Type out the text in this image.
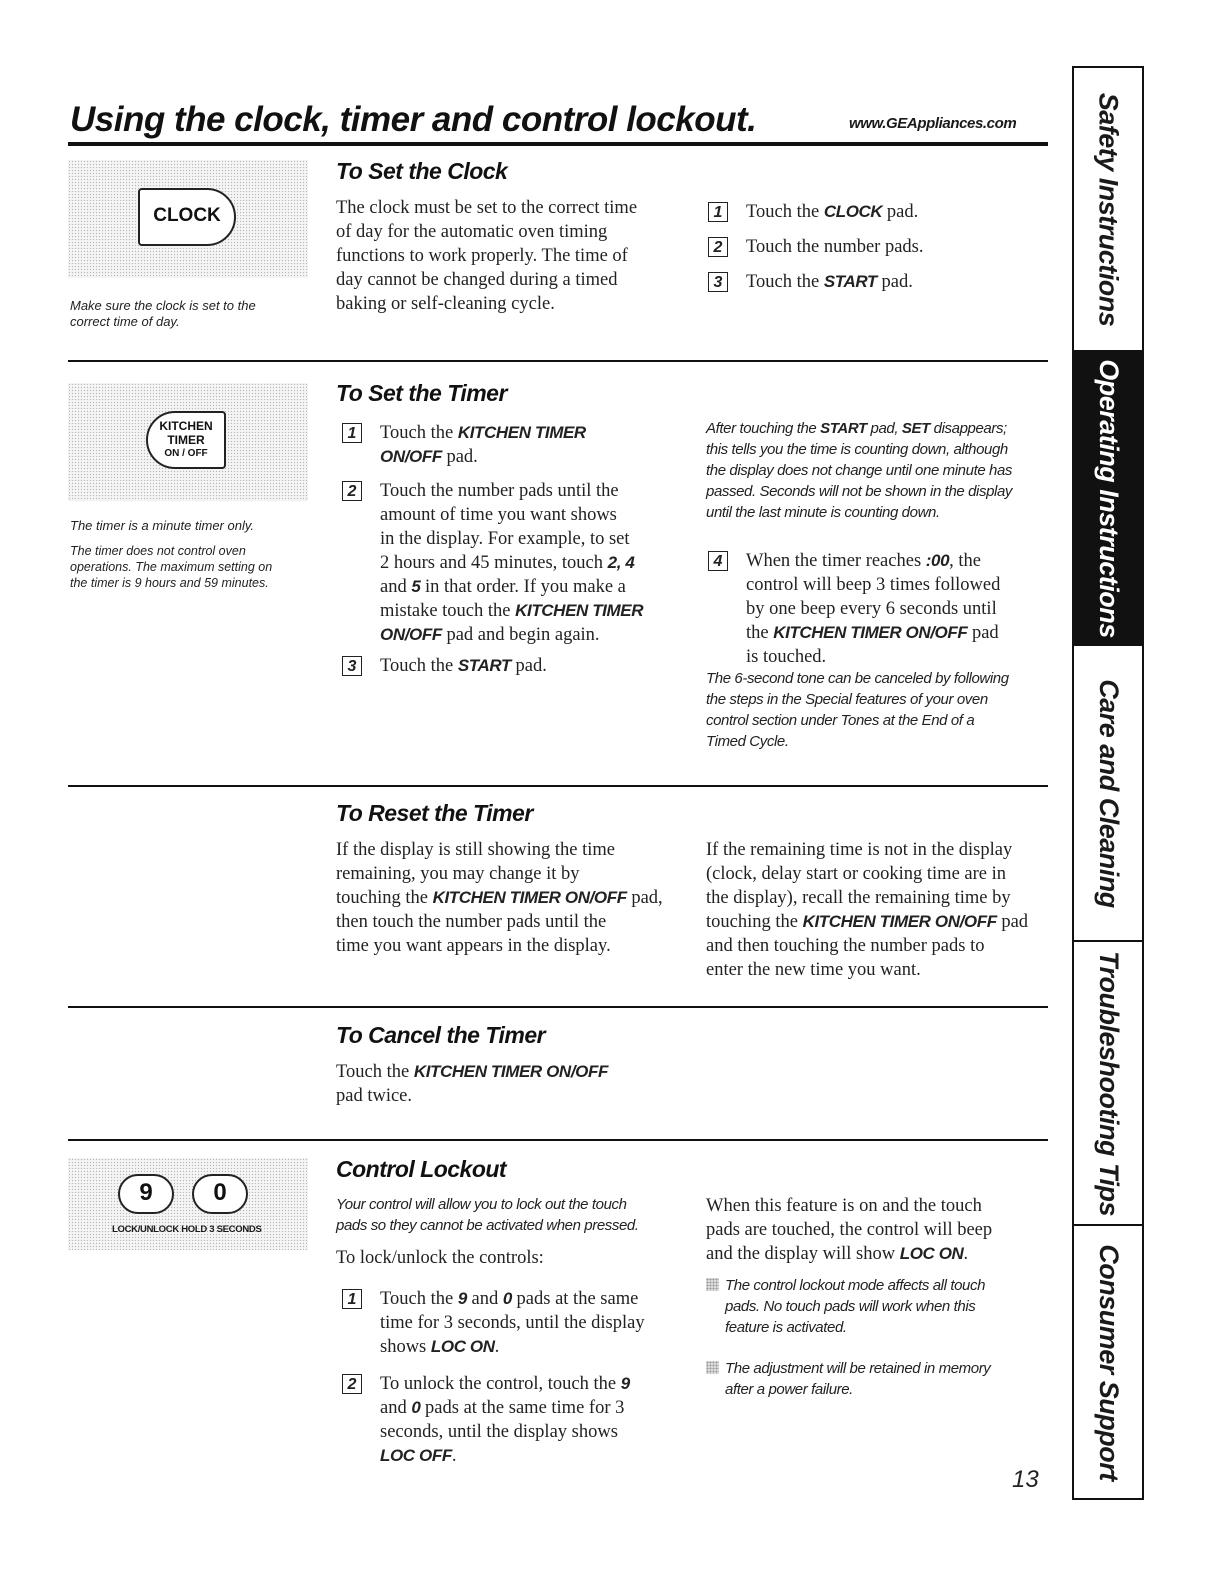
Using the clock, timer and control lockout.	www.GEAppliances.com	Safety Instructions
Operating Instructions
Care and Cleaning
Troubleshooting Tips
Consumer Support
CLOCK
Make sure the clock is set to the
correct time of day.
To Set the Clock
The clock must be set to the correct time
of day for the automatic oven timing
functions to work properly. The time of
day cannot be changed during a timed
baking or self-cleaning cycle.
1 Touch the CLOCK pad.
2 Touch the number pads.
3 Touch the START pad.
KITCHEN
TIMER
ON / OFF
The timer is a minute timer only.
The timer does not control oven
operations. The maximum setting on
the timer is 9 hours and 59 minutes.
To Set the Timer
1 Touch the KITCHEN TIMER
ON/OFF pad.
2 Touch the number pads until the
amount of time you want shows
in the display. For example, to set
2 hours and 45 minutes, touch 2, 4
and 5 in that order. If you make a
mistake touch the KITCHEN TIMER
ON/OFF pad and begin again.
3 Touch the START pad.
After touching the START pad, SET disappears;
this tells you the time is counting down, although
the display does not change until one minute has
passed. Seconds will not be shown in the display
until the last minute is counting down.
4 When the timer reaches :00, the
control will beep 3 times followed
by one beep every 6 seconds until
the KITCHEN TIMER ON/OFF pad
is touched.
The 6-second tone can be canceled by following
the steps in the Special features of your oven
control section under Tones at the End of a
Timed Cycle.
To Reset the Timer
If the display is still showing the time
remaining, you may change it by
touching the KITCHEN TIMER ON/OFF pad,
then touch the number pads until the
time you want appears in the display.
If the remaining time is not in the display
(clock, delay start or cooking time are in
the display), recall the remaining time by
touching the KITCHEN TIMER ON/OFF pad
and then touching the number pads to
enter the new time you want.
To Cancel the Timer
Touch the KITCHEN TIMER ON/OFF
pad twice.
9	0
LOCK/UNLOCK HOLD 3 SECONDS
Control Lockout
Your control will allow you to lock out the touch
pads so they cannot be activated when pressed.
To lock/unlock the controls:
1 Touch the 9 and 0 pads at the same
time for 3 seconds, until the display
shows LOC ON.
2 To unlock the control, touch the 9
and 0 pads at the same time for 3
seconds, until the display shows
LOC OFF.
When this feature is on and the touch
pads are touched, the control will beep
and the display will show LOC ON.
The control lockout mode affects all touch
pads. No touch pads will work when this
feature is activated.
The adjustment will be retained in memory
after a power failure.
13
